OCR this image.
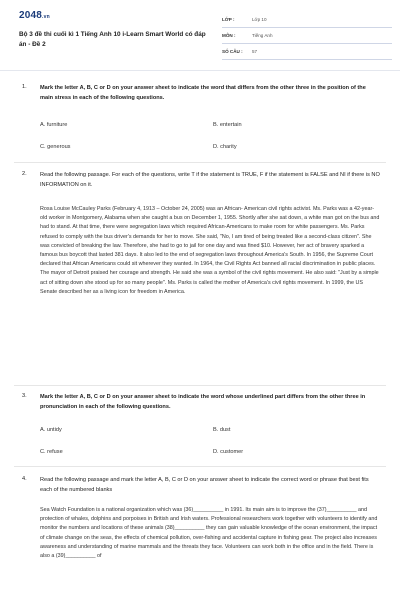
2048.vn
Bộ 3 đề thi cuối kì 1 Tiếng Anh 10 i-Learn Smart World có đáp án - Đề 2
LỚP :	Lớp 10
MÔN :	Tiếng Anh
SỐ CÂU :	57
1. Mark the letter A, B, C or D on your answer sheet to indicate the word that differs from the other three in the position of the main stress in each of the following questions.
A. furniture	B. entertain
C. generous	D. charity
2. Read the following passage. For each of the questions, write T if the statement is TRUE, F if the statement is FALSE and NI if there is NO INFORMATION on it.
Rosa Louise McCauley Parks (February 4, 1913 – October 24, 2005) was an African- American civil rights activist. Ms. Parks was a 42-year-old worker in Montgomery, Alabama when she caught a bus on December 1, 1955. Shortly after she sat down, a white man got on the bus and had to stand. At that time, there were segregation laws which required African-Americans to make room for white passengers. Ms. Parks refused to comply with the bus driver's demands for her to move. She said, "No, I am tired of being treated like a second-class citizen". She was convicted of breaking the law. Therefore, she had to go to jail for one day and was fined $10. However, her act of bravery sparked a famous bus boycott that lasted 381 days. It also led to the end of segregation laws throughout America's South. In 1956, the Supreme Court declared that African Americans could sit wherever they wanted. In 1964, the Civil Rights Act banned all racial discrimination in public places. The mayor of Detroit praised her courage and strength. He said she was a symbol of the civil rights movement. He also said: "Just by a simple act of sitting down she stood up for so many people". Ms. Parks is called the mother of America's civil rights movement. In 1999, the US Senate described her as a living icon for freedom in America.
3. Mark the letter A, B, C or D on your answer sheet to indicate the word whose underlined part differs from the other three in pronunciation in each of the following questions.
A. untidy	B. dust
C. refuse	D. customer
4. Read the following passage and mark the letter A, B, C or D on your answer sheet to indicate the correct word or phrase that best fits each of the numbered blanks
Sea Watch Foundation is a national organization which was (36)__________ in 1991. Its main aim is to improve the (37)__________ and protection of whales, dolphins and porpoises in British and Irish waters. Professional researchers work together with volunteers to identify and monitor the numbers and locations of these animals (38)__________ they can gain valuable knowledge of the ocean environment, the impact of climate change on the seas, the effects of chemical pollution, over-fishing and accidental capture in fishing gear. The project also increases awareness and understanding of marine mammals and the threats they face. Volunteers can work both in the office and in the field. There is also a (39)__________ of
